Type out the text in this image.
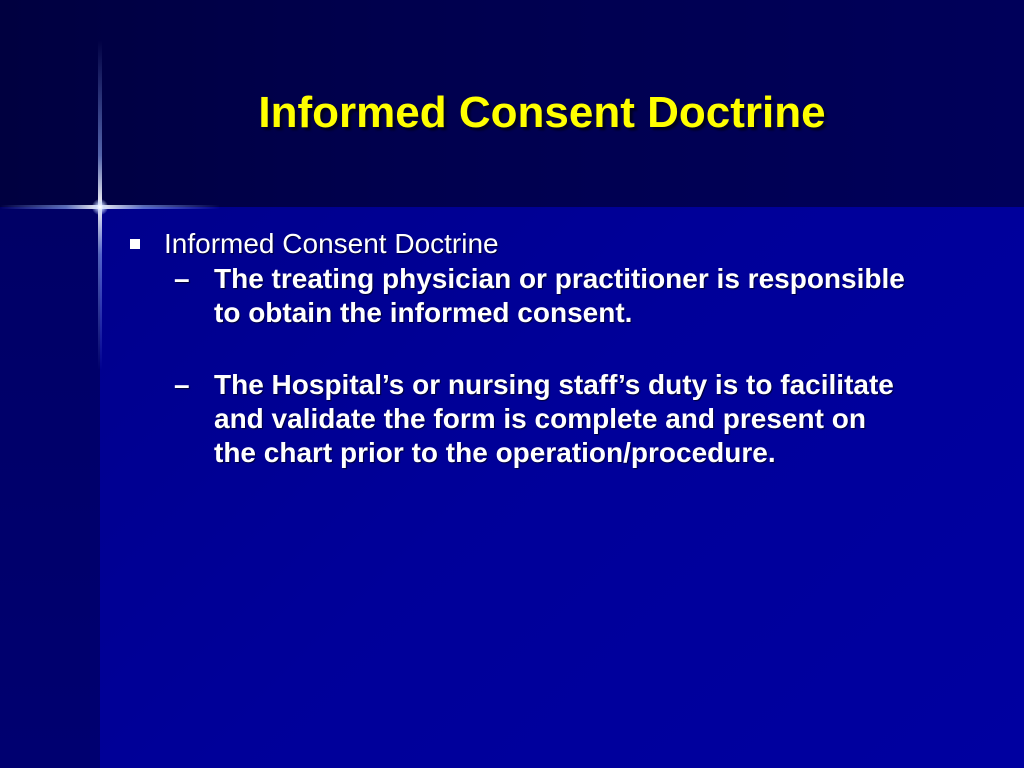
Informed Consent Doctrine
Informed Consent Doctrine
– The treating physician or practitioner is responsible to obtain the informed consent.
– The Hospital’s or nursing staff’s duty is to facilitate and validate the form is complete and present on the chart prior to the operation/procedure.
